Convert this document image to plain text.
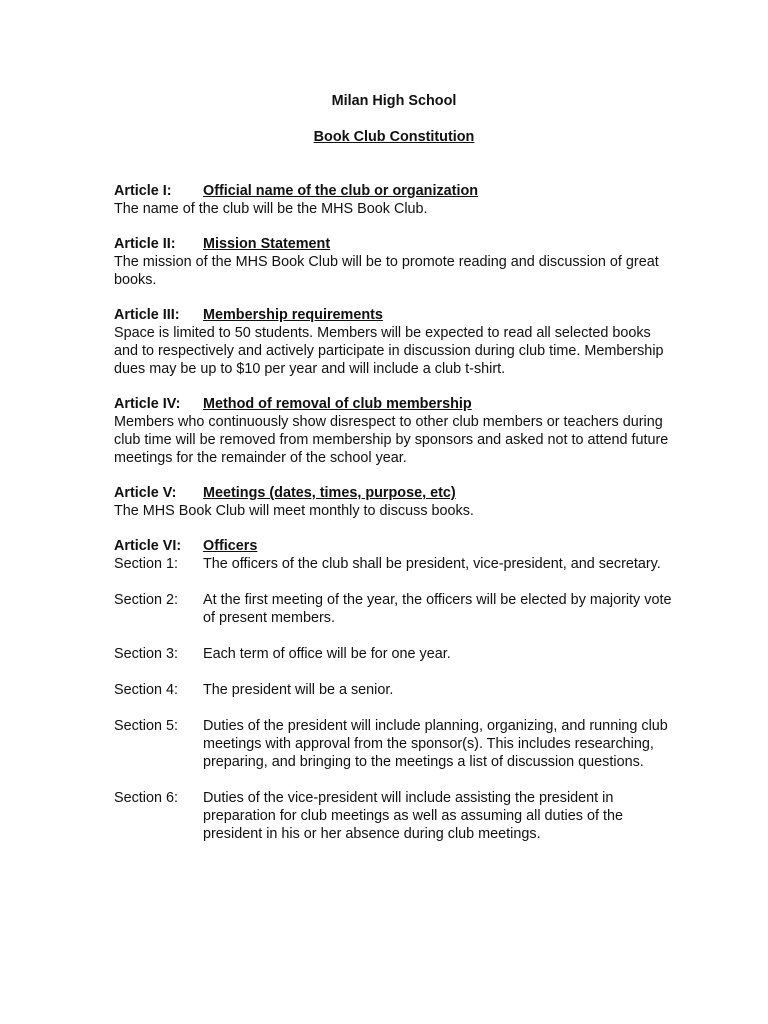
Milan High School
Book Club Constitution
Article I: Official name of the club or organization

The name of the club will be the MHS Book Club.

Article II: Mission Statement

The mission of the MHS Book Club will be to promote reading and discussion of great books.

Article III: Membership requirements

Space is limited to 50 students. Members will be expected to read all selected books and to respectively and actively participate in discussion during club time. Membership dues may be up to $10 per year and will include a club t-shirt.

Article IV: Method of removal of club membership

Members who continuously show disrespect to other club members or teachers during club time will be removed from membership by sponsors and asked not to attend future meetings for the remainder of the school year.

Article V: Meetings (dates, times, purpose, etc)

The MHS Book Club will meet monthly to discuss books.

Article VI: Officers
Section 1:	The officers of the club shall be president, vice-president, and secretary.
Section 2:	At the first meeting of the year, the officers will be elected by majority vote of present members.
Section 3:	Each term of office will be for one year.
Section 4:	The president will be a senior.
Section 5:	Duties of the president will include planning, organizing, and running club meetings with approval from the sponsor(s). This includes researching, preparing, and bringing to the meetings a list of discussion questions.
Section 6:	Duties of the vice-president will include assisting the president in preparation for club meetings as well as assuming all duties of the president in his or her absence during club meetings.
